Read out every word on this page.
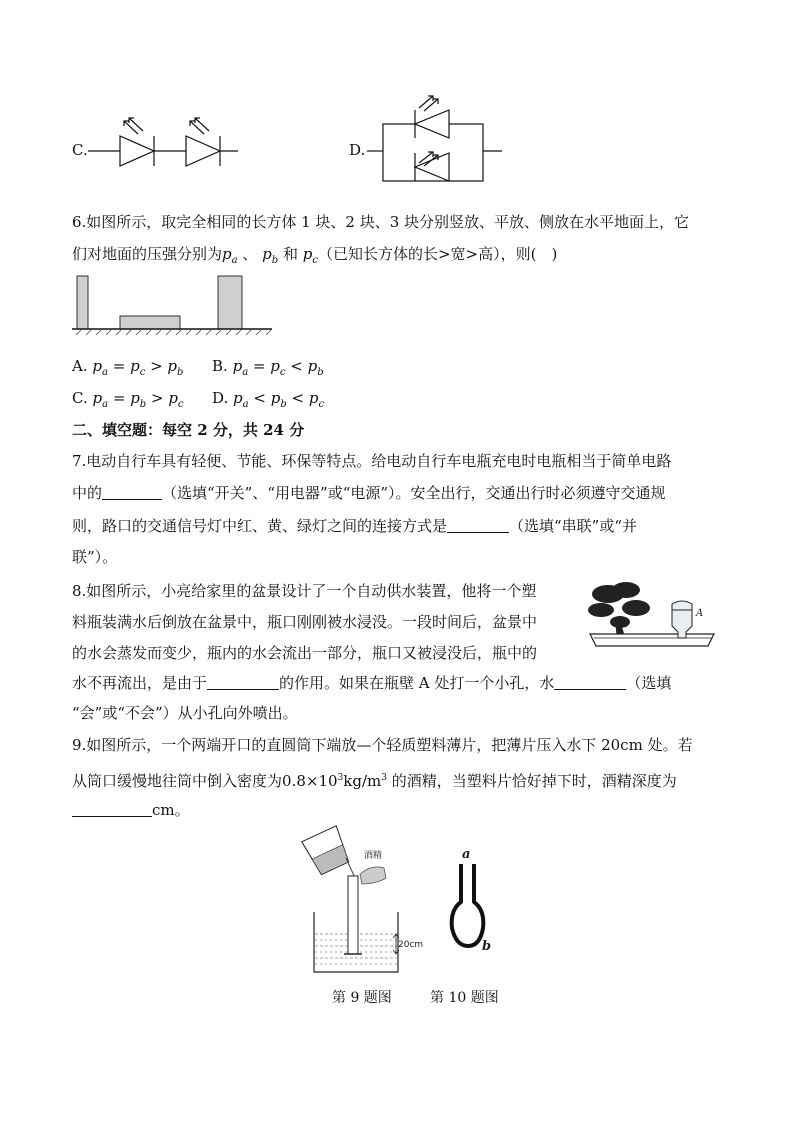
C.	D.
6.如图所示，取完全相同的长方体 1 块、2 块、3 块分别竖放、平放、侧放在水平地面上，它
们对地面的压强分别为$p_a$ 、 $p_b$ 和 $p_c$（已知长方体的长>宽>高），则(　)
A. $p_a = p_c > p_b$ B. $p_a = p_c < p_b$
C. $p_a = p_b > p_c$ D. $p_a < p_b < p_c$
二、填空题：每空 2 分，共 24 分
7.电动自行车具有轻便、节能、环保等特点。给电动自行车电瓶充电时电瓶相当于简单电路
中的	（选填“开关”、“用电器”或“电源”）。安全出行，交通出行时必须遵守交通规
则，路口的交通信号灯中红、黄、绿灯之间的连接方式是	（选填“串联”或“并
联”）。
8.如图所示，小亮给家里的盆景设计了一个自动供水装置，他将一个塑
料瓶装满水后倒放在盆景中，瓶口刚刚被水浸没。一段时间后，盆景中
的水会蒸发而变少，瓶内的水会流出一部分，瓶口又被浸没后，瓶中的
水不再流出，是由于	的作用。如果在瓶壁 A 处打一个小孔，水	（选填
“会”或“不会”）从小孔向外喷出。
A
9.如图所示，一个两端开口的直圆筒下端放—个轻质塑料薄片，把薄片压入水下 20cm 处。若
从筒口缓慢地往筒中倒入密度为$0.8\times 10^3kg/m^3$ 的酒精，当塑料片恰好掉下时，酒精深度为
cm。
酒精
20cm
a
b
第 9 题图	第 10 题图
